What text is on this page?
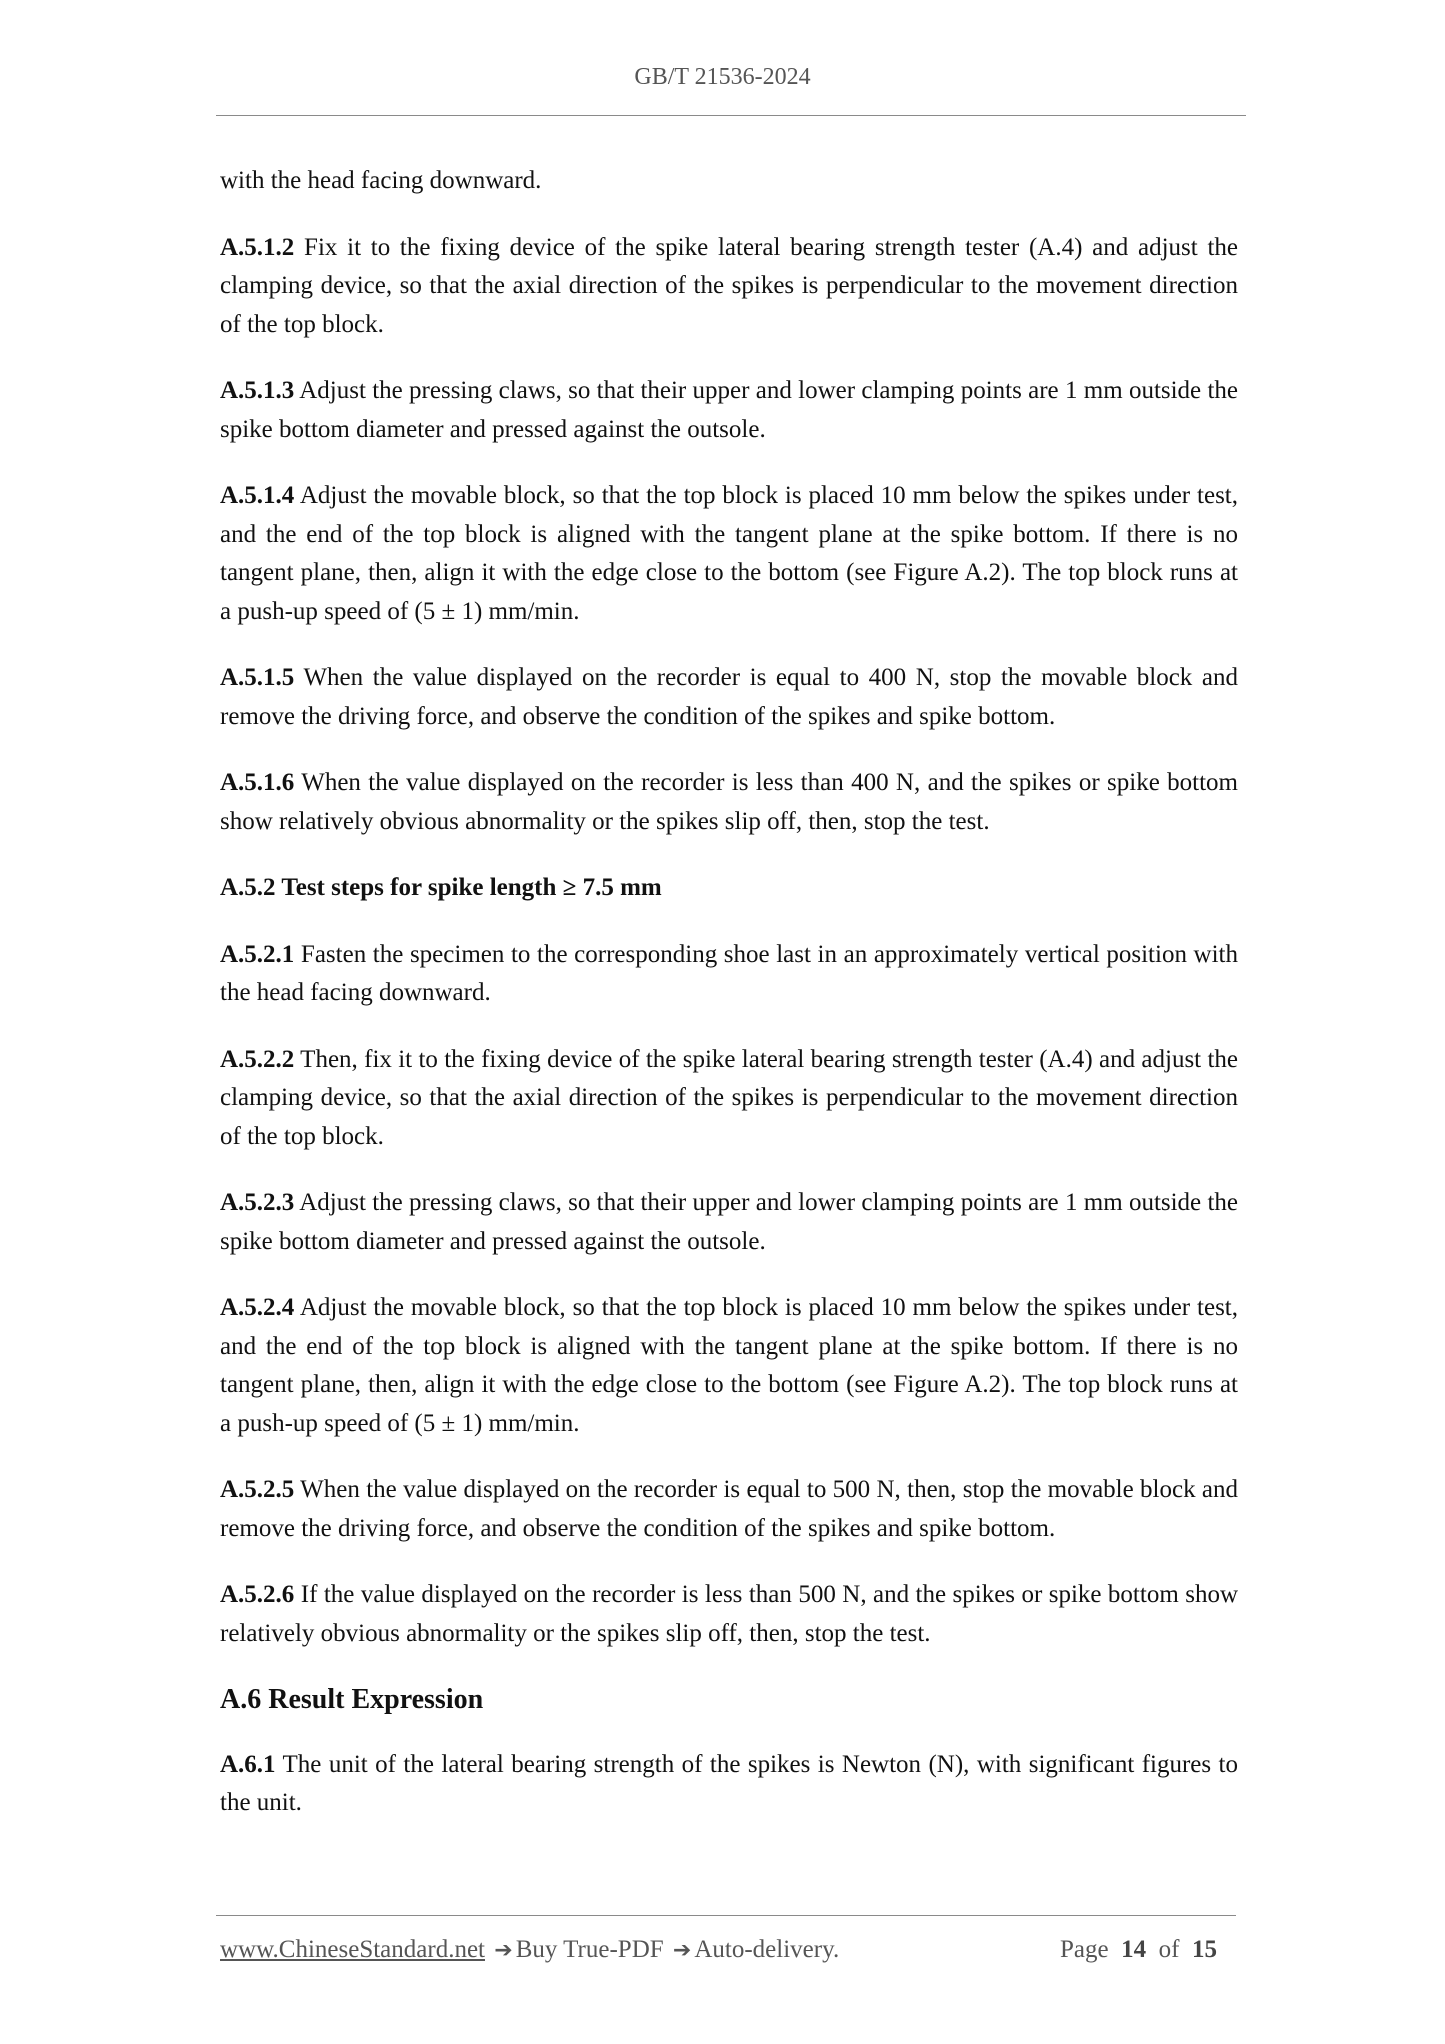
GB/T 21536-2024
with the head facing downward.
A.5.1.2 Fix it to the fixing device of the spike lateral bearing strength tester (A.4) and adjust the clamping device, so that the axial direction of the spikes is perpendicular to the movement direction of the top block.
A.5.1.3 Adjust the pressing claws, so that their upper and lower clamping points are 1 mm outside the spike bottom diameter and pressed against the outsole.
A.5.1.4 Adjust the movable block, so that the top block is placed 10 mm below the spikes under test, and the end of the top block is aligned with the tangent plane at the spike bottom. If there is no tangent plane, then, align it with the edge close to the bottom (see Figure A.2). The top block runs at a push-up speed of (5 ± 1) mm/min.
A.5.1.5 When the value displayed on the recorder is equal to 400 N, stop the movable block and remove the driving force, and observe the condition of the spikes and spike bottom.
A.5.1.6 When the value displayed on the recorder is less than 400 N, and the spikes or spike bottom show relatively obvious abnormality or the spikes slip off, then, stop the test.
A.5.2 Test steps for spike length ≥ 7.5 mm
A.5.2.1 Fasten the specimen to the corresponding shoe last in an approximately vertical position with the head facing downward.
A.5.2.2 Then, fix it to the fixing device of the spike lateral bearing strength tester (A.4) and adjust the clamping device, so that the axial direction of the spikes is perpendicular to the movement direction of the top block.
A.5.2.3 Adjust the pressing claws, so that their upper and lower clamping points are 1 mm outside the spike bottom diameter and pressed against the outsole.
A.5.2.4 Adjust the movable block, so that the top block is placed 10 mm below the spikes under test, and the end of the top block is aligned with the tangent plane at the spike bottom. If there is no tangent plane, then, align it with the edge close to the bottom (see Figure A.2). The top block runs at a push-up speed of (5 ± 1) mm/min.
A.5.2.5 When the value displayed on the recorder is equal to 500 N, then, stop the movable block and remove the driving force, and observe the condition of the spikes and spike bottom.
A.5.2.6 If the value displayed on the recorder is less than 500 N, and the spikes or spike bottom show relatively obvious abnormality or the spikes slip off, then, stop the test.
A.6 Result Expression
A.6.1 The unit of the lateral bearing strength of the spikes is Newton (N), with significant figures to the unit.
www.ChineseStandard.net ➔ Buy True-PDF ➔ Auto-delivery.	Page 14 of 15
